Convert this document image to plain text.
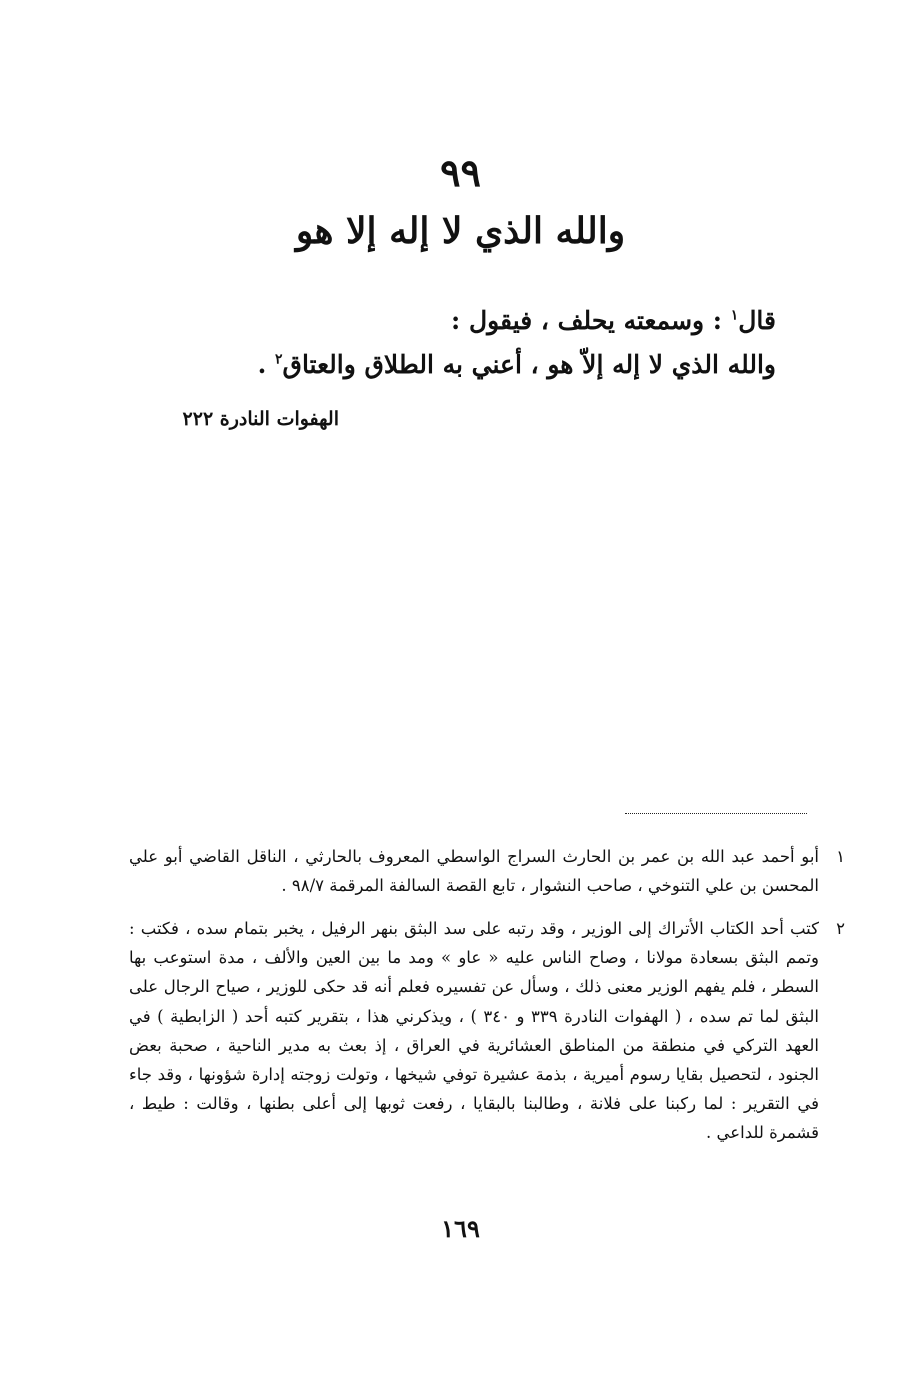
٩٩
والله الذي لا إله إلا هو
قال$^١$ : وسمعته يحلف ، فيقول :
والله الذي لا إله إلاّ هو ، أعني به الطلاق والعتاق$^٢$ .
الهفوات النادرة ٢٢٢
١
أبو أحمد عبد الله بن عمر بن الحارث السراج الواسطي المعروف بالحارثي ، الناقل القاضي أبو علي المحسن بن علي التنوخي ، صاحب النشوار ، تابع القصة السالفة المرقمة ٩٨/٧ .
٢
كتب أحد الكتاب الأتراك إلى الوزير ، وقد رتبه على سد البثق بنهر الرفيل ، يخبر بتمام سده ، فكتب : وتمم البثق بسعادة مولانا ، وصاح الناس عليه « عاو » ومد ما بين العين والألف ، مدة استوعب بها السطر ، فلم يفهم الوزير معنى ذلك ، وسأل عن تفسيره فعلم أنه قد حكى للوزير ، صياح الرجال على البثق لما تم سده ، ( الهفوات النادرة ٣٣٩ و ٣٤٠ ) ، ويذكرني هذا ، بتقرير كتبه أحد ( الزابطية ) في العهد التركي في منطقة من المناطق العشائرية في العراق ، إذ بعث به مدير الناحية ، صحبة بعض الجنود ، لتحصيل بقايا رسوم أميرية ، بذمة عشيرة توفي شيخها ، وتولت زوجته إدارة شؤونها ، وقد جاء في التقرير : لما ركبنا على فلانة ، وطالبنا بالبقايا ، رفعت ثوبها إلى أعلى بطنها ، وقالت : طيط ، قشمرة للداعي .
١٦٩
